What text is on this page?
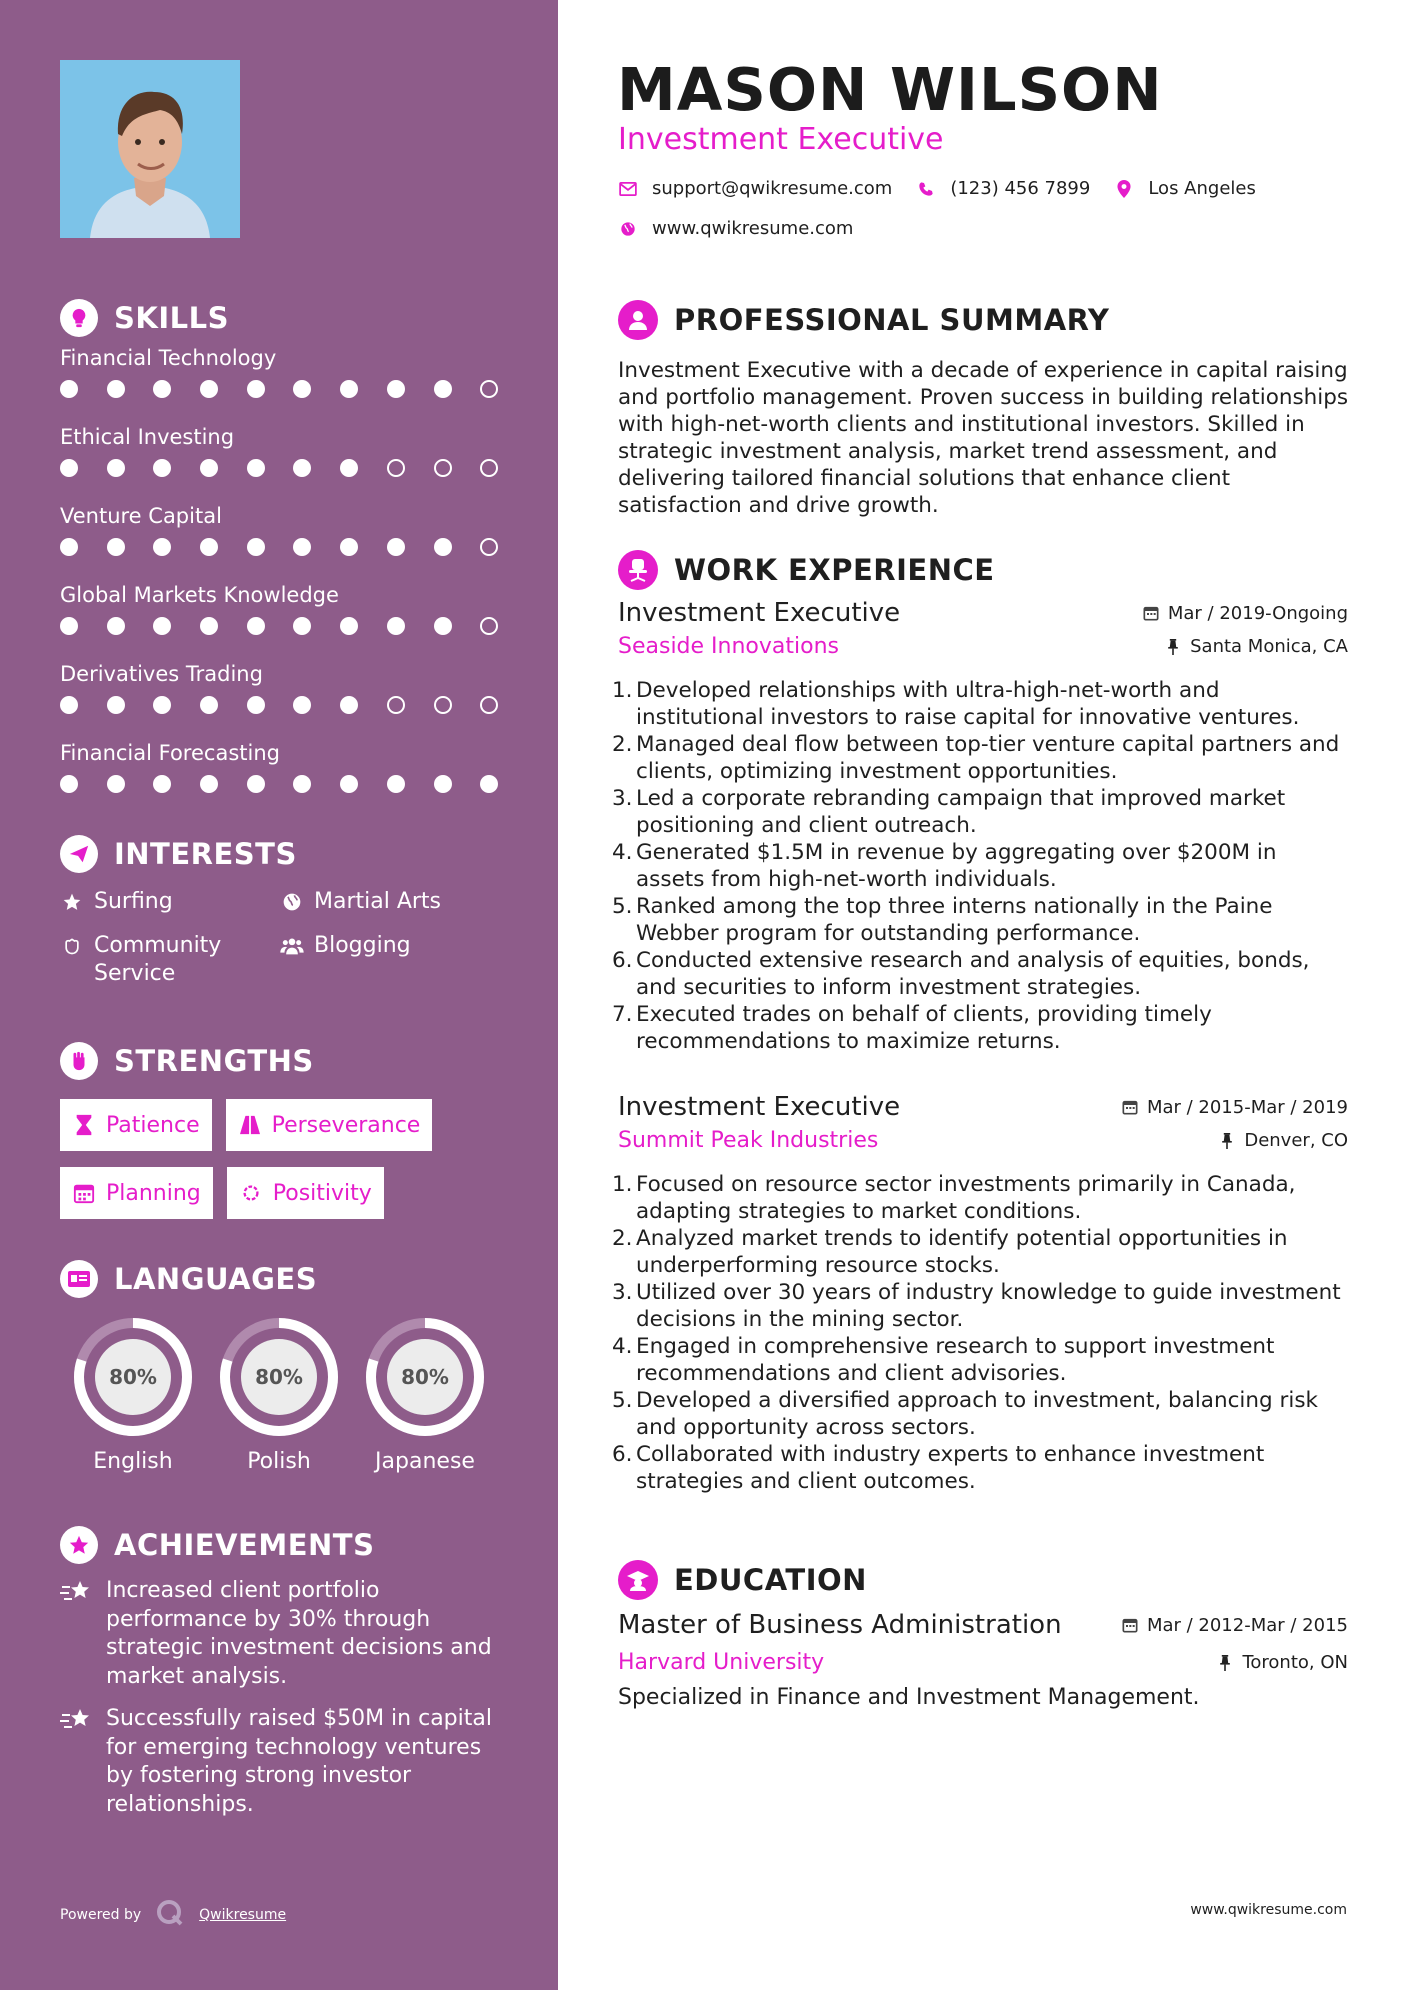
SKILLS
Financial Technology
Ethical Investing
Venture Capital
Global Markets Knowledge
Derivatives Trading
Financial Forecasting
INTERESTS
Surfing	Martial Arts
Community Service
Blogging
STRENGTHS
Patience	Perseverance
Planning	Positivity
LANGUAGES
80%
English
80%
Polish
80%
Japanese
ACHIEVEMENTS
Increased client portfolio performance by 30% through strategic investment decisions and market analysis.
Successfully raised $50M in capital for emerging technology ventures by fostering strong investor relationships.
Powered by	Qwikresume
MASON WILSON
Investment Executive
support@qwikresume.com	(123) 456 7899	Los Angeles
www.qwikresume.com
PROFESSIONAL SUMMARY
Investment Executive with a decade of experience in capital raising and portfolio management. Proven success in building relationships with high-net-worth clients and institutional investors. Skilled in strategic investment analysis, market trend assessment, and delivering tailored financial solutions that enhance client satisfaction and drive growth.
WORK EXPERIENCE
Investment Executive	Mar / 2019-Ongoing
Seaside Innovations	Santa Monica, CA
1. Developed relationships with ultra-high-net-worth and institutional investors to raise capital for innovative ventures.
2. Managed deal flow between top-tier venture capital partners and clients, optimizing investment opportunities.
3. Led a corporate rebranding campaign that improved market positioning and client outreach.
4. Generated $1.5M in revenue by aggregating over $200M in assets from high-net-worth individuals.
5. Ranked among the top three interns nationally in the Paine Webber program for outstanding performance.
6. Conducted extensive research and analysis of equities, bonds, and securities to inform investment strategies.
7. Executed trades on behalf of clients, providing timely recommendations to maximize returns.
Investment Executive	Mar / 2015-Mar / 2019
Summit Peak Industries	Denver, CO
1. Focused on resource sector investments primarily in Canada, adapting strategies to market conditions.
2. Analyzed market trends to identify potential opportunities in underperforming resource stocks.
3. Utilized over 30 years of industry knowledge to guide investment decisions in the mining sector.
4. Engaged in comprehensive research to support investment recommendations and client advisories.
5. Developed a diversified approach to investment, balancing risk and opportunity across sectors.
6. Collaborated with industry experts to enhance investment strategies and client outcomes.
EDUCATION
Master of Business Administration	Mar / 2012-Mar / 2015
Harvard University	Toronto, ON
Specialized in Finance and Investment Management.
www.qwikresume.com
